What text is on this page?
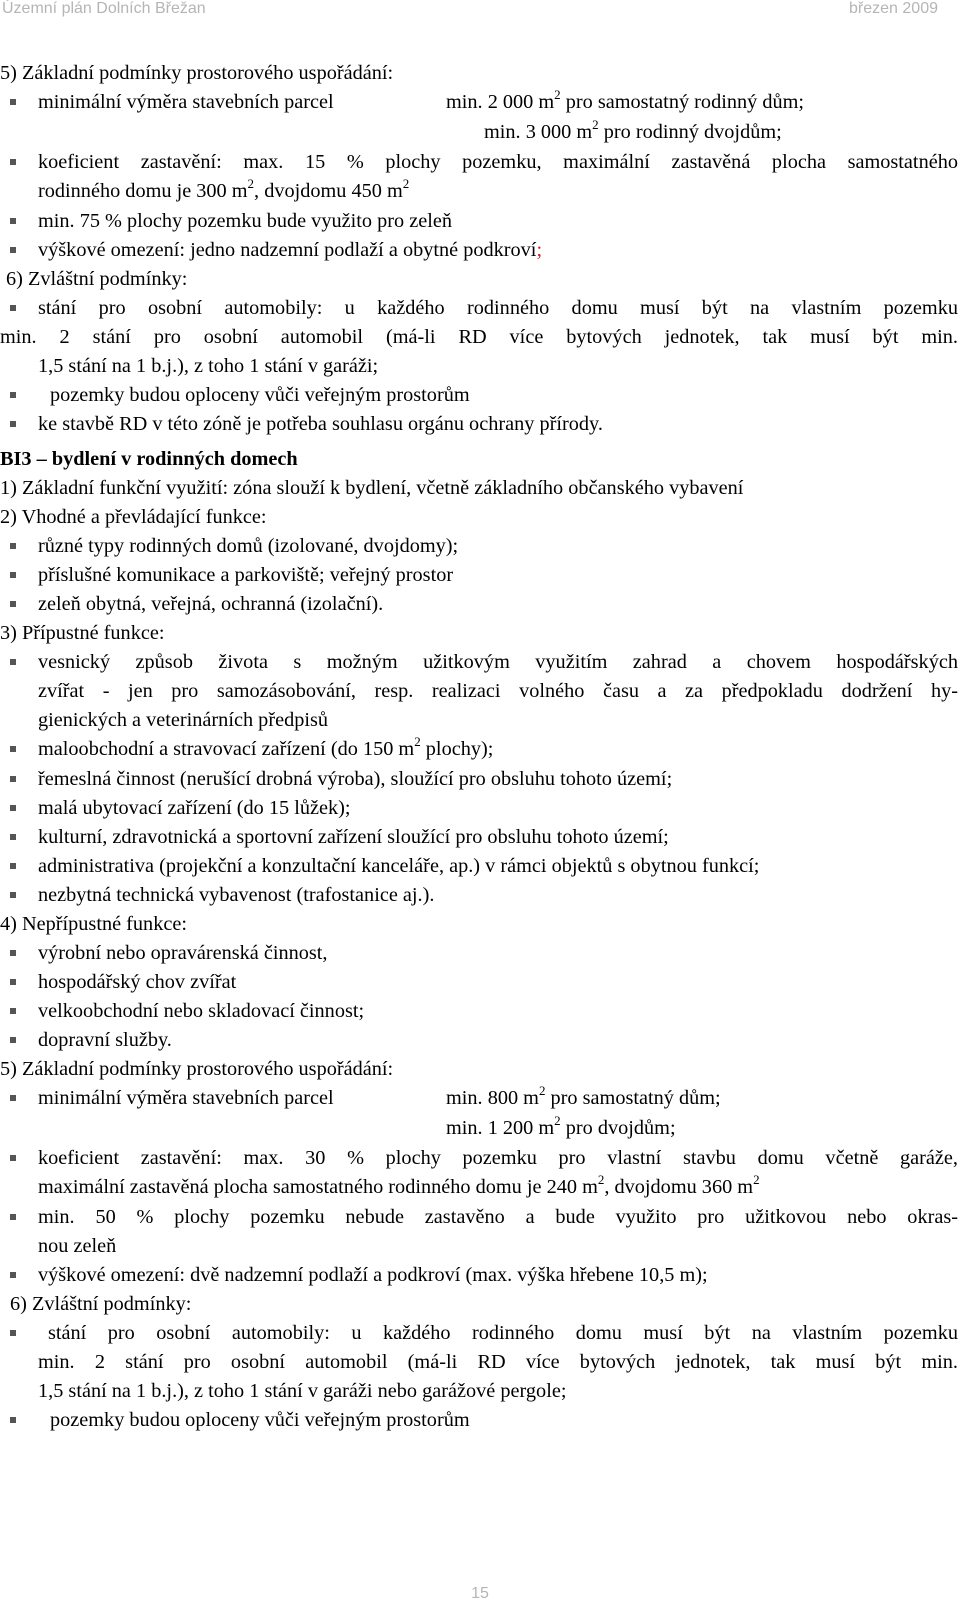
Územní plán Dolních Břežan	březen 2009
5) Základní podmínky prostorového uspořádání:
minimální výměra stavebních parcel	min. 2 000 $m^2$ pro samostatný rodinný dům;
min. 3 000 $m^2$ pro rodinný dvojdům;
koeficient zastavění: max. 15 % plochy pozemku, maximální zastavěná plocha samostatného
rodinného domu je 300 $m^2$, dvojdomu 450 $m^2$
min. 75 % plochy pozemku bude využito pro zeleň
výškové omezení: jedno nadzemní podlaží a obytné podkroví;
6) Zvláštní podmínky:
stání pro osobní automobily: u každého rodinného domu musí být na vlastním pozemku
min. 2 stání pro osobní automobil (má-li RD více bytových jednotek, tak musí být min.
1,5 stání na 1 b.j.), z toho 1 stání v garáži;
pozemky budou oploceny vůči veřejným prostorům
ke stavbě RD v této zóně je potřeba souhlasu orgánu ochrany přírody.
BI3 – bydlení v rodinných domech
1) Základní funkční využití: zóna slouží k bydlení, včetně základního občanského vybavení
2) Vhodné a převládající funkce:
různé typy rodinných domů (izolované, dvojdomy);
příslušné komunikace a parkoviště; veřejný prostor
zeleň obytná, veřejná, ochranná (izolační).
3) Přípustné funkce:
vesnický způsob života s možným užitkovým využitím zahrad a chovem hospodářských
zvířat - jen pro samozásobování, resp. realizaci volného času a za předpokladu dodržení hy-
gienických a veterinárních předpisů
maloobchodní a stravovací zařízení (do 150 $m^2$ plochy);
řemeslná činnost (nerušící drobná výroba), sloužící pro obsluhu tohoto území;
malá ubytovací zařízení (do 15 lůžek);
kulturní, zdravotnická a sportovní zařízení sloužící pro obsluhu tohoto území;
administrativa (projekční a konzultační kanceláře, ap.) v rámci objektů s obytnou funkcí;
nezbytná technická vybavenost (trafostanice aj.).
4) Nepřípustné funkce:
výrobní nebo opravárenská činnost,
hospodářský chov zvířat
velkoobchodní nebo skladovací činnost;
dopravní služby.
5) Základní podmínky prostorového uspořádání:
minimální výměra stavebních parcel	min. 800 $m^2$ pro samostatný dům;
min. 1 200 $m^2$ pro dvojdům;
koeficient zastavění: max. 30 % plochy pozemku pro vlastní stavbu domu včetně garáže,
maximální zastavěná plocha samostatného rodinného domu je 240 $m^2$, dvojdomu 360 $m^2$
min. 50 % plochy pozemku nebude zastavěno a bude využito pro užitkovou nebo okras-
nou zeleň
výškové omezení: dvě nadzemní podlaží a podkroví (max. výška hřebene 10,5 m);
6) Zvláštní podmínky:
stání pro osobní automobily: u každého rodinného domu musí být na vlastním pozemku
min. 2 stání pro osobní automobil (má-li RD více bytových jednotek, tak musí být min.
1,5 stání na 1 b.j.), z toho 1 stání v garáži nebo garážové pergole;
pozemky budou oploceny vůči veřejným prostorům
15
